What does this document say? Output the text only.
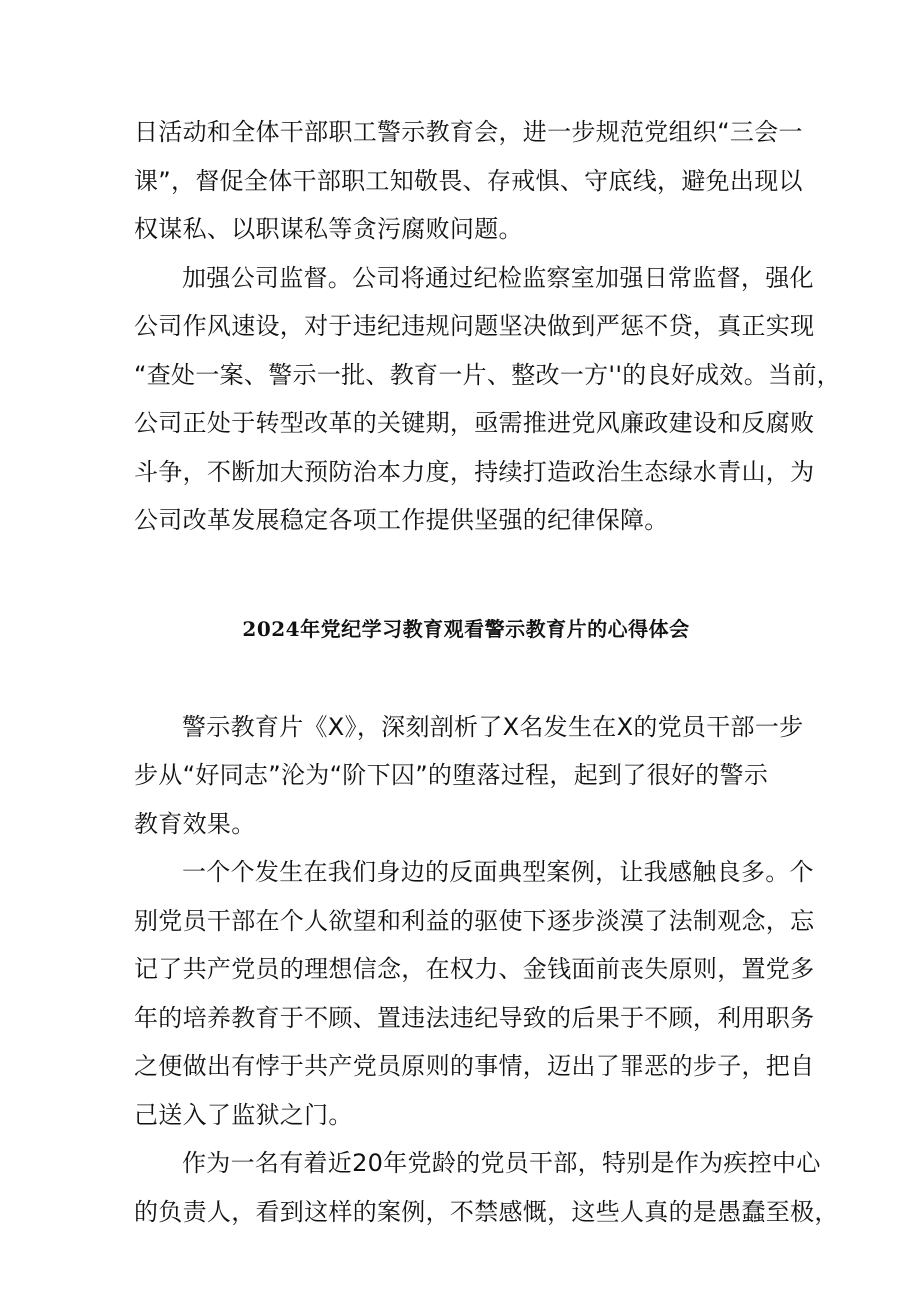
日活动和全体干部职工警示教育会，进一步规范党组织“三会一
课”，督促全体干部职工知敬畏、存戒惧、守底线，避免出现以
权谋私、以职谋私等贪污腐败问题。
加强公司监督。公司将通过纪检监察室加强日常监督，强化
公司作风速设，对于违纪违规问题坚决做到严惩不贷，真正实现
“查处一案、警示一批、教育一片、整改一方''的良好成效。当前，
公司正处于转型改革的关键期，亟需推进党风廉政建设和反腐败
斗争，不断加大预防治本力度，持续打造政治生态绿水青山，为
公司改革发展稳定各项工作提供坚强的纪律保障。
2024年党纪学习教育观看警示教育片的心得体会
警示教育片《X》，深刻剖析了X名发生在X的党员干部一步
步从“好同志”沦为“阶下囚”的堕落过程，起到了很好的警示
教育效果。
一个个发生在我们身边的反面典型案例，让我感触良多。个
别党员干部在个人欲望和利益的驱使下逐步淡漠了法制观念，忘
记了共产党员的理想信念，在权力、金钱面前丧失原则，置党多
年的培养教育于不顾、置违法违纪导致的后果于不顾，利用职务
之便做出有悖于共产党员原则的事情，迈出了罪恶的步子，把自
己送入了监狱之门。
作为一名有着近20年党龄的党员干部，特别是作为疾控中心
的负责人，看到这样的案例，不禁感慨，这些人真的是愚蠢至极，
